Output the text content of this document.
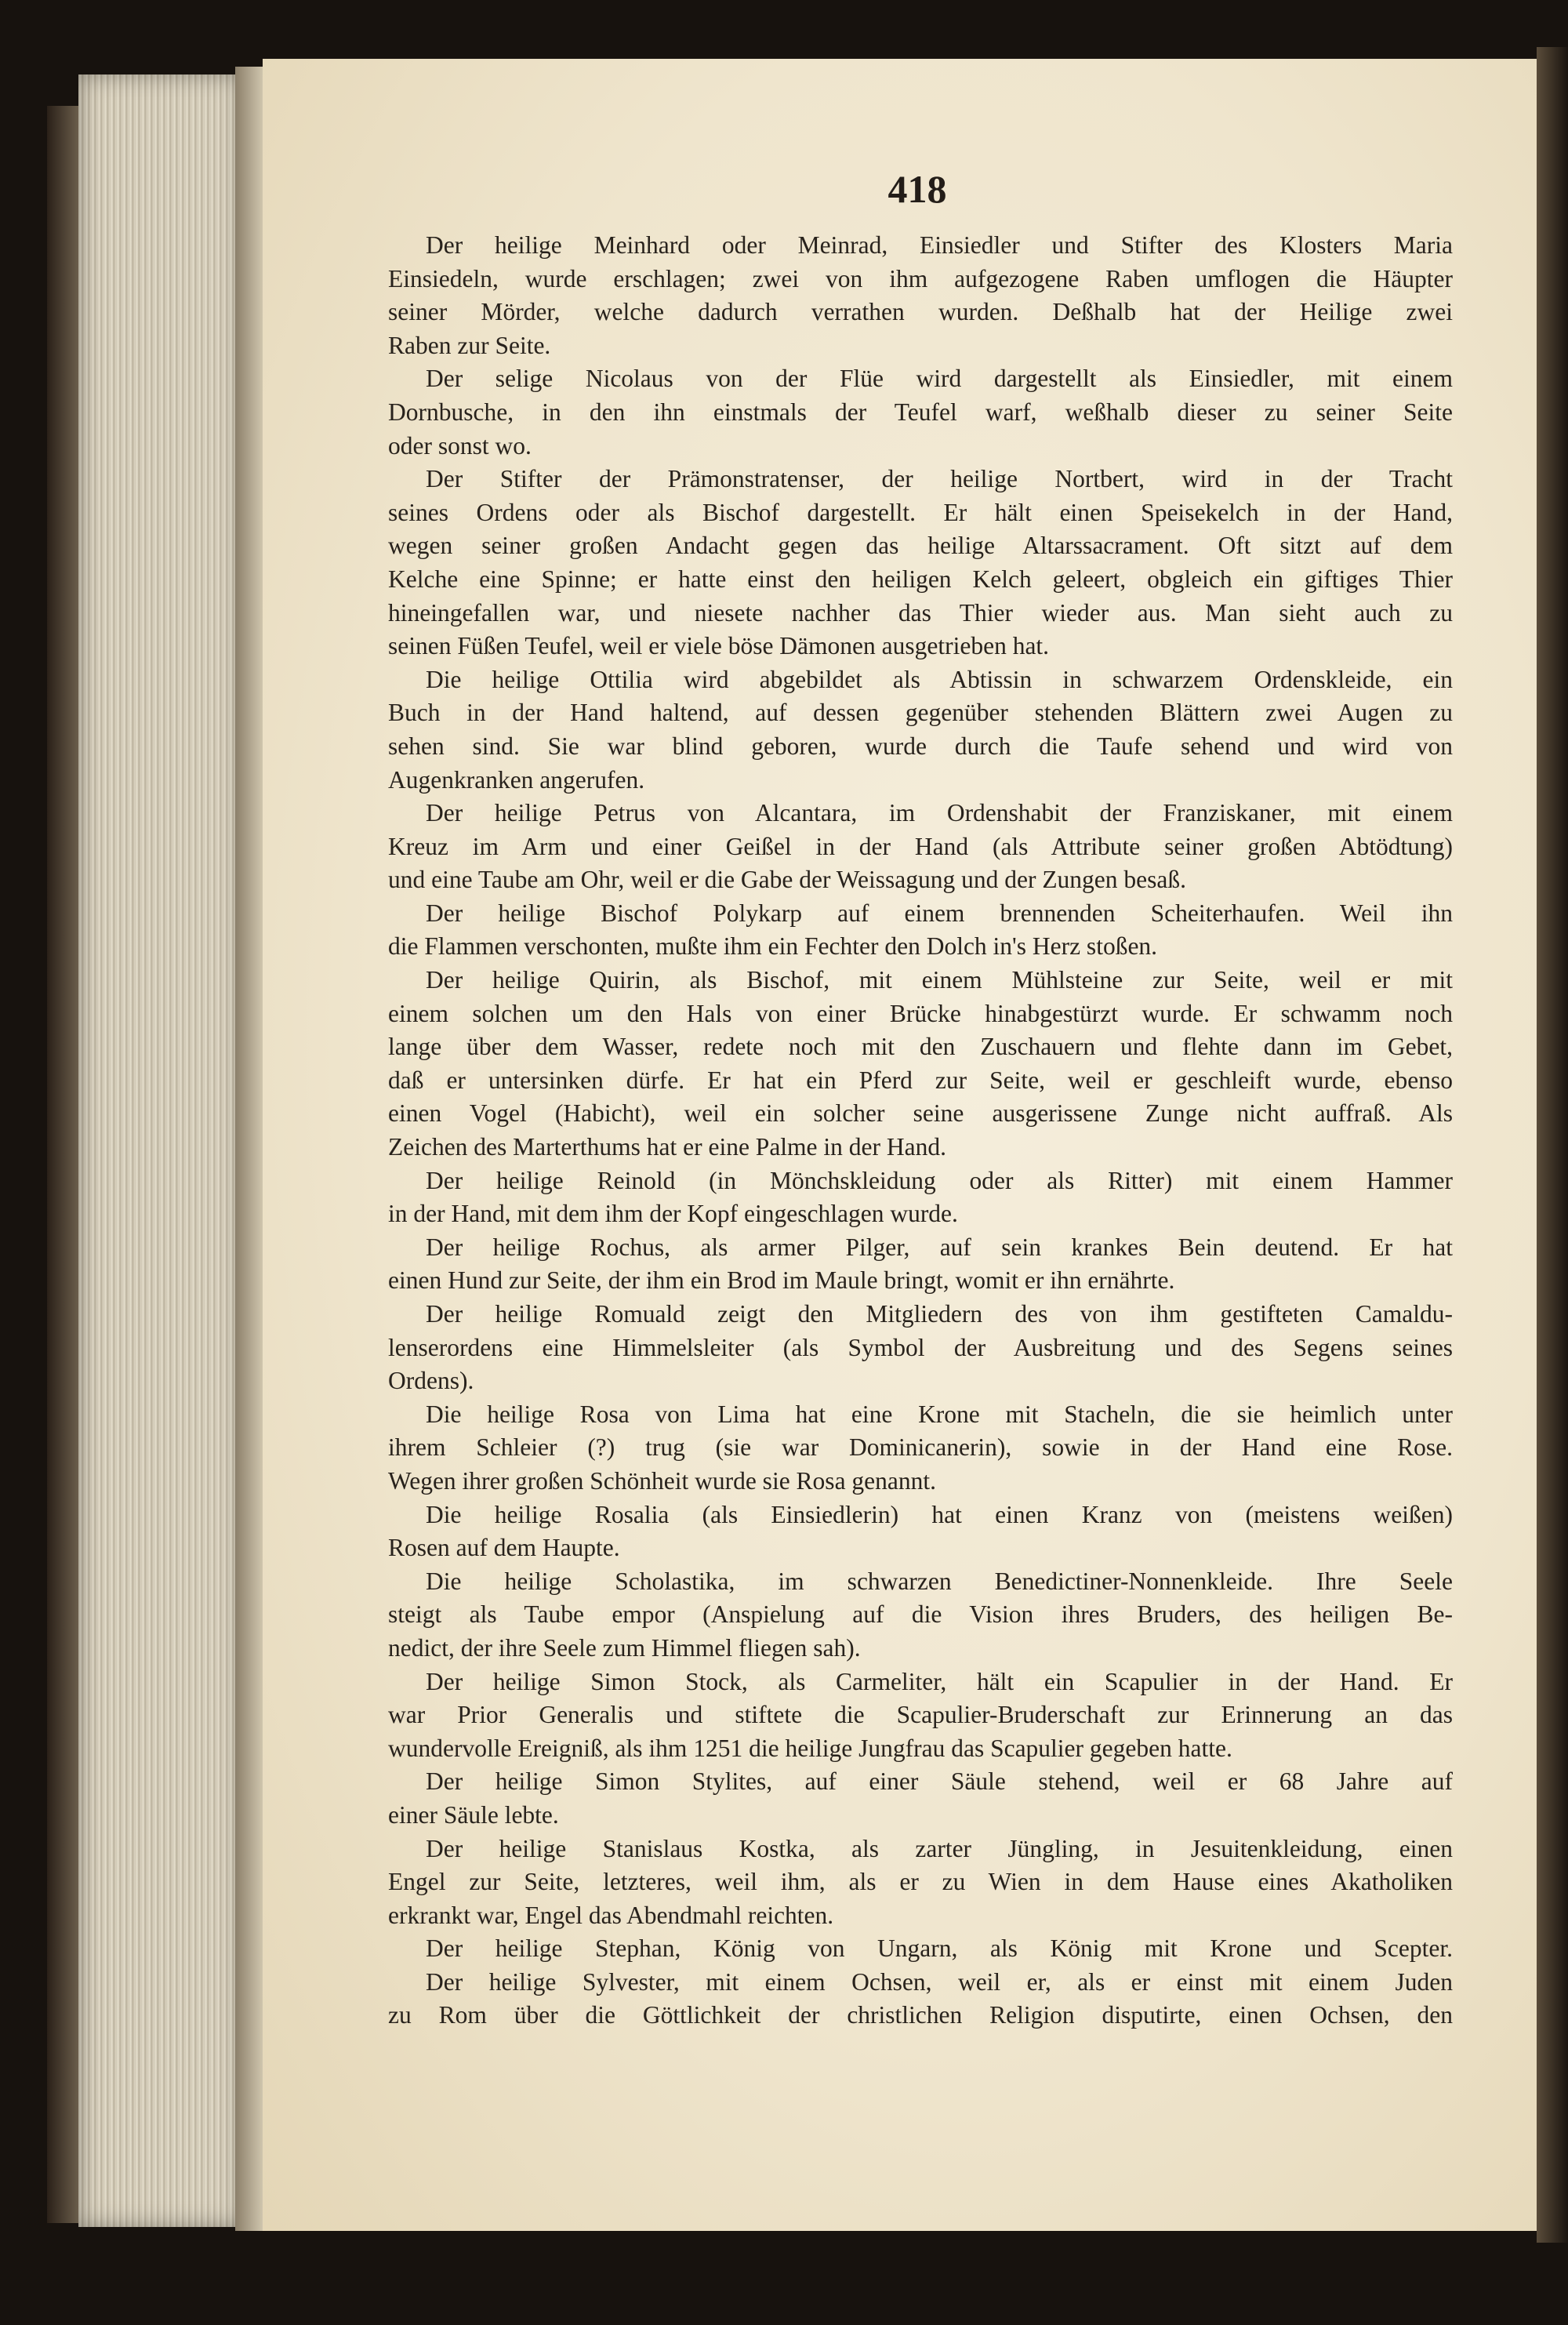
418
Der heilige Meinhard oder Meinrad, Einsiedler und Stifter des Klosters Maria
Einsiedeln, wurde erschlagen; zwei von ihm aufgezogene Raben umflogen die Häupter
seiner Mörder, welche dadurch verrathen wurden. Deßhalb hat der Heilige zwei
Raben zur Seite.
Der selige Nicolaus von der Flüe wird dargestellt als Einsiedler, mit einem
Dornbusche, in den ihn einstmals der Teufel warf, weßhalb dieser zu seiner Seite
oder sonst wo.
Der Stifter der Prämonstratenser, der heilige Nortbert, wird in der Tracht
seines Ordens oder als Bischof dargestellt. Er hält einen Speisekelch in der Hand,
wegen seiner großen Andacht gegen das heilige Altarssacrament. Oft sitzt auf dem
Kelche eine Spinne; er hatte einst den heiligen Kelch geleert, obgleich ein giftiges Thier
hineingefallen war, und niesete nachher das Thier wieder aus. Man sieht auch zu
seinen Füßen Teufel, weil er viele böse Dämonen ausgetrieben hat.
Die heilige Ottilia wird abgebildet als Abtissin in schwarzem Ordenskleide, ein
Buch in der Hand haltend, auf dessen gegenüber stehenden Blättern zwei Augen zu
sehen sind. Sie war blind geboren, wurde durch die Taufe sehend und wird von
Augenkranken angerufen.
Der heilige Petrus von Alcantara, im Ordenshabit der Franziskaner, mit einem
Kreuz im Arm und einer Geißel in der Hand (als Attribute seiner großen Abtödtung)
und eine Taube am Ohr, weil er die Gabe der Weissagung und der Zungen besaß.
Der heilige Bischof Polykarp auf einem brennenden Scheiterhaufen. Weil ihn
die Flammen verschonten, mußte ihm ein Fechter den Dolch in's Herz stoßen.
Der heilige Quirin, als Bischof, mit einem Mühlsteine zur Seite, weil er mit
einem solchen um den Hals von einer Brücke hinabgestürzt wurde. Er schwamm noch
lange über dem Wasser, redete noch mit den Zuschauern und flehte dann im Gebet,
daß er untersinken dürfe. Er hat ein Pferd zur Seite, weil er geschleift wurde, ebenso
einen Vogel (Habicht), weil ein solcher seine ausgerissene Zunge nicht auffraß. Als
Zeichen des Marterthums hat er eine Palme in der Hand.
Der heilige Reinold (in Mönchskleidung oder als Ritter) mit einem Hammer
in der Hand, mit dem ihm der Kopf eingeschlagen wurde.
Der heilige Rochus, als armer Pilger, auf sein krankes Bein deutend. Er hat
einen Hund zur Seite, der ihm ein Brod im Maule bringt, womit er ihn ernährte.
Der heilige Romuald zeigt den Mitgliedern des von ihm gestifteten Camaldu-
lenserordens eine Himmelsleiter (als Symbol der Ausbreitung und des Segens seines
Ordens).
Die heilige Rosa von Lima hat eine Krone mit Stacheln, die sie heimlich unter
ihrem Schleier (?) trug (sie war Dominicanerin), sowie in der Hand eine Rose.
Wegen ihrer großen Schönheit wurde sie Rosa genannt.
Die heilige Rosalia (als Einsiedlerin) hat einen Kranz von (meistens weißen)
Rosen auf dem Haupte.
Die heilige Scholastika, im schwarzen Benedictiner-Nonnenkleide. Ihre Seele
steigt als Taube empor (Anspielung auf die Vision ihres Bruders, des heiligen Be-
nedict, der ihre Seele zum Himmel fliegen sah).
Der heilige Simon Stock, als Carmeliter, hält ein Scapulier in der Hand. Er
war Prior Generalis und stiftete die Scapulier-Bruderschaft zur Erinnerung an das
wundervolle Ereigniß, als ihm 1251 die heilige Jungfrau das Scapulier gegeben hatte.
Der heilige Simon Stylites, auf einer Säule stehend, weil er 68 Jahre auf
einer Säule lebte.
Der heilige Stanislaus Kostka, als zarter Jüngling, in Jesuitenkleidung, einen
Engel zur Seite, letzteres, weil ihm, als er zu Wien in dem Hause eines Akatholiken
erkrankt war, Engel das Abendmahl reichten.
Der heilige Stephan, König von Ungarn, als König mit Krone und Scepter.
Der heilige Sylvester, mit einem Ochsen, weil er, als er einst mit einem Juden
zu Rom über die Göttlichkeit der christlichen Religion disputirte, einen Ochsen, den
